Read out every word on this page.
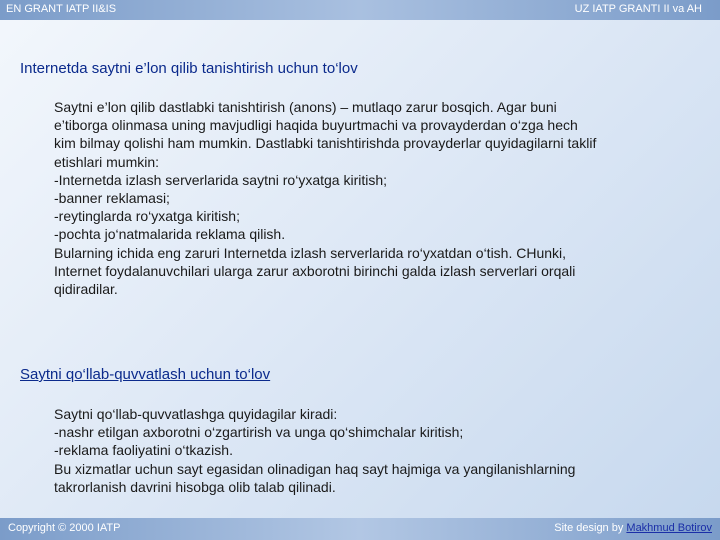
EN GRANT IATP II&IS	UZ IATP GRANTI II va AH
Internetda saytni e’lon qilib tanishtirish uchun to‘lov
Saytni e’lon qilib dastlabki tanishtirish (anons) – mutlaqo zarur bosqich. Agar buni
e’tiborga olinmasa uning mavjudligi haqida buyurtmachi va provayderdan o‘zga hech
kim bilmay qolishi ham mumkin. Dastlabki tanishtirishda provayderlar quyidagilarni taklif
etishlari mumkin:
-Internetda izlash serverlarida saytni ro‘yxatga kiritish;
-banner reklamasi;
-reytinglarda ro‘yxatga kiritish;
-pochta jo‘natmalarida reklama qilish.
Bularning ichida eng zaruri Internetda izlash serverlarida ro‘yxatdan o‘tish. CHunki,
Internet foydalanuvchilari ularga zarur axborotni birinchi galda izlash serverlari orqali
qidiradilar.
Saytni qo‘llab-quvvatlash uchun to‘lov
Saytni qo‘llab-quvvatlashga quyidagilar kiradi:
-nashr etilgan axborotni o‘zgartirish va unga qo‘shimchalar kiritish;
-reklama faoliyatini o‘tkazish.
Bu xizmatlar uchun sayt egasidan olinadigan haq sayt hajmiga va yangilanishlarning
takrorlanish davrini hisobga olib talab qilinadi.
Copyright © 2000 IATP	Site design by Makhmud Botirov
